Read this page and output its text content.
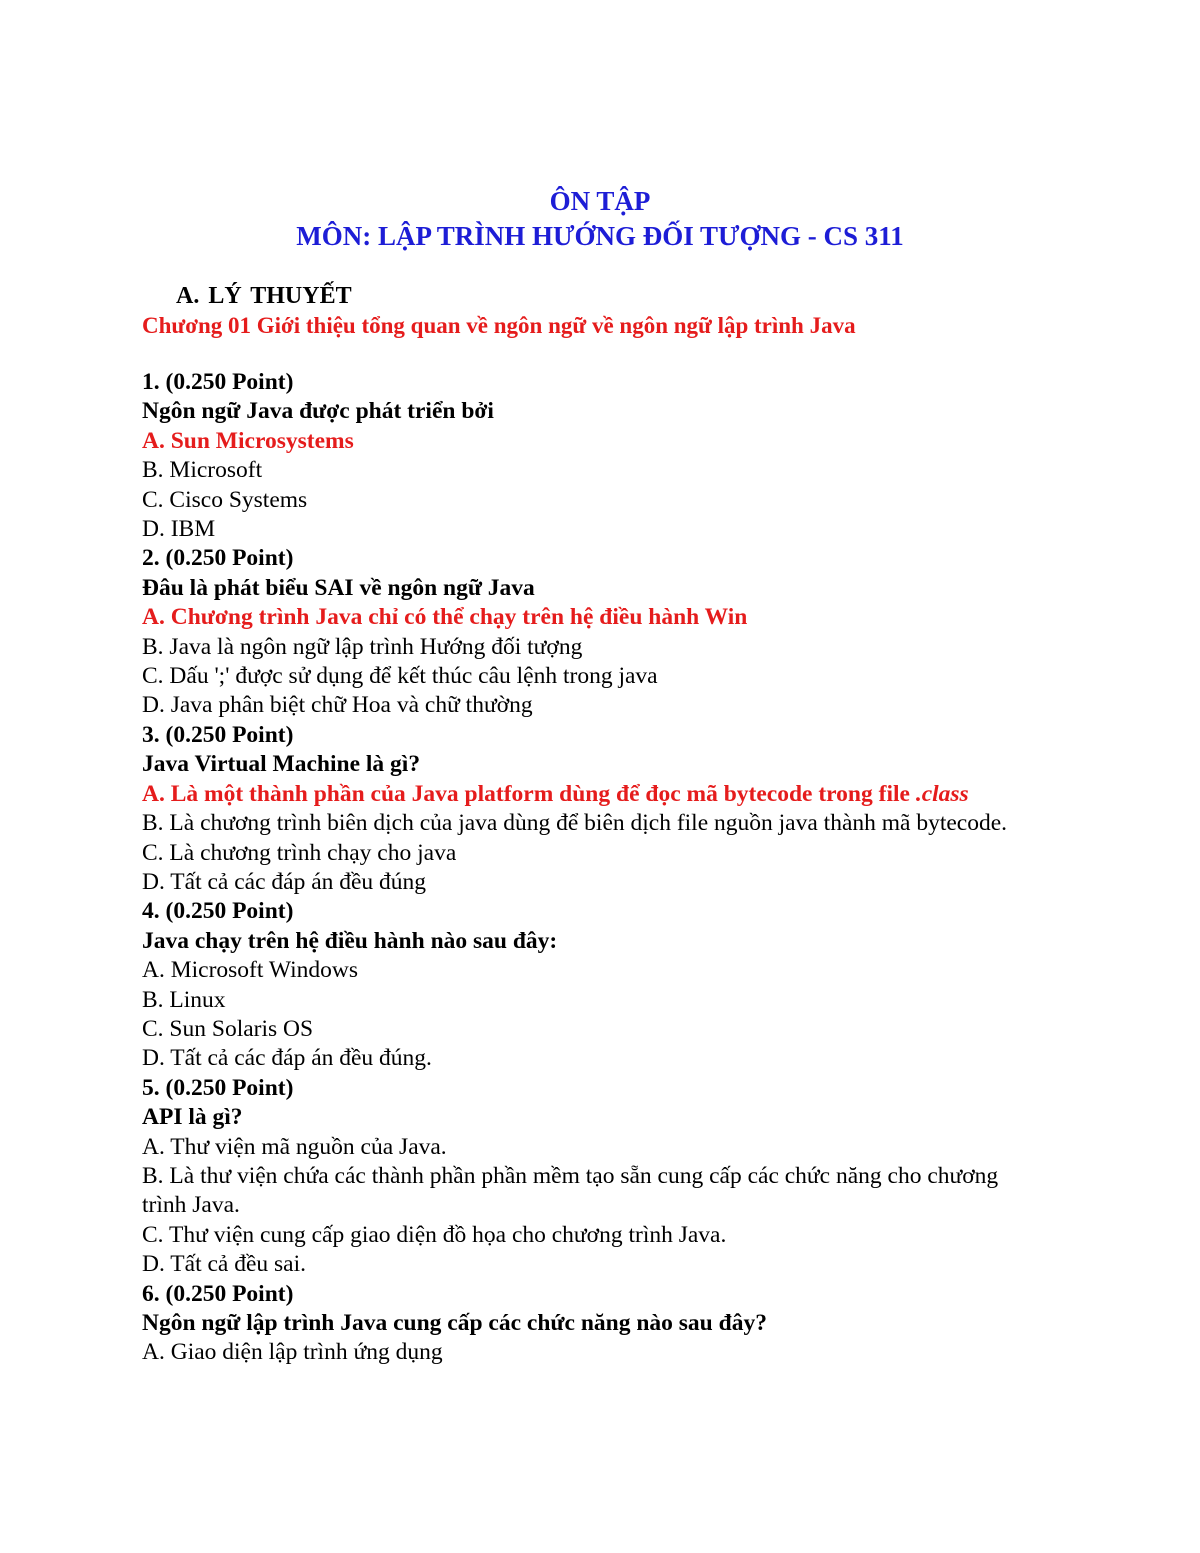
ÔN TẬP
MÔN: LẬP TRÌNH HƯỚNG ĐỐI TƯỢNG - CS 311
A. LÝ THUYẾT
Chương 01 Giới thiệu tổng quan về ngôn ngữ về ngôn ngữ lập trình Java

1. (0.250 Point)

Ngôn ngữ Java được phát triển bởi

A. Sun Microsystems

B. Microsoft

C. Cisco Systems

D. IBM

2. (0.250 Point)

Đâu là phát biểu SAI về ngôn ngữ Java

A. Chương trình Java chỉ có thể chạy trên hệ điều hành Win

B. Java là ngôn ngữ lập trình Hướng đối tượng

C. Dấu ';' được sử dụng để kết thúc câu lệnh trong java

D. Java phân biệt chữ Hoa và chữ thường

3. (0.250 Point)

Java Virtual Machine là gì?

A. Là một thành phần của Java platform dùng để đọc mã bytecode trong file .class

B. Là chương trình biên dịch của java dùng để biên dịch file nguồn java thành mã bytecode.

C. Là chương trình chạy cho java

D. Tất cả các đáp án đều đúng

4. (0.250 Point)

Java chạy trên hệ điều hành nào sau đây:

A. Microsoft Windows

B. Linux

C. Sun Solaris OS

D. Tất cả các đáp án đều đúng.

5. (0.250 Point)

API là gì?

A. Thư viện mã nguồn của Java.

B. Là thư viện chứa các thành phần phần mềm tạo sẵn cung cấp các chức năng cho chương trình Java.

C. Thư viện cung cấp giao diện đồ họa cho chương trình Java.

D. Tất cả đều sai.

6. (0.250 Point)

Ngôn ngữ lập trình Java cung cấp các chức năng nào sau đây?

A. Giao diện lập trình ứng dụng
